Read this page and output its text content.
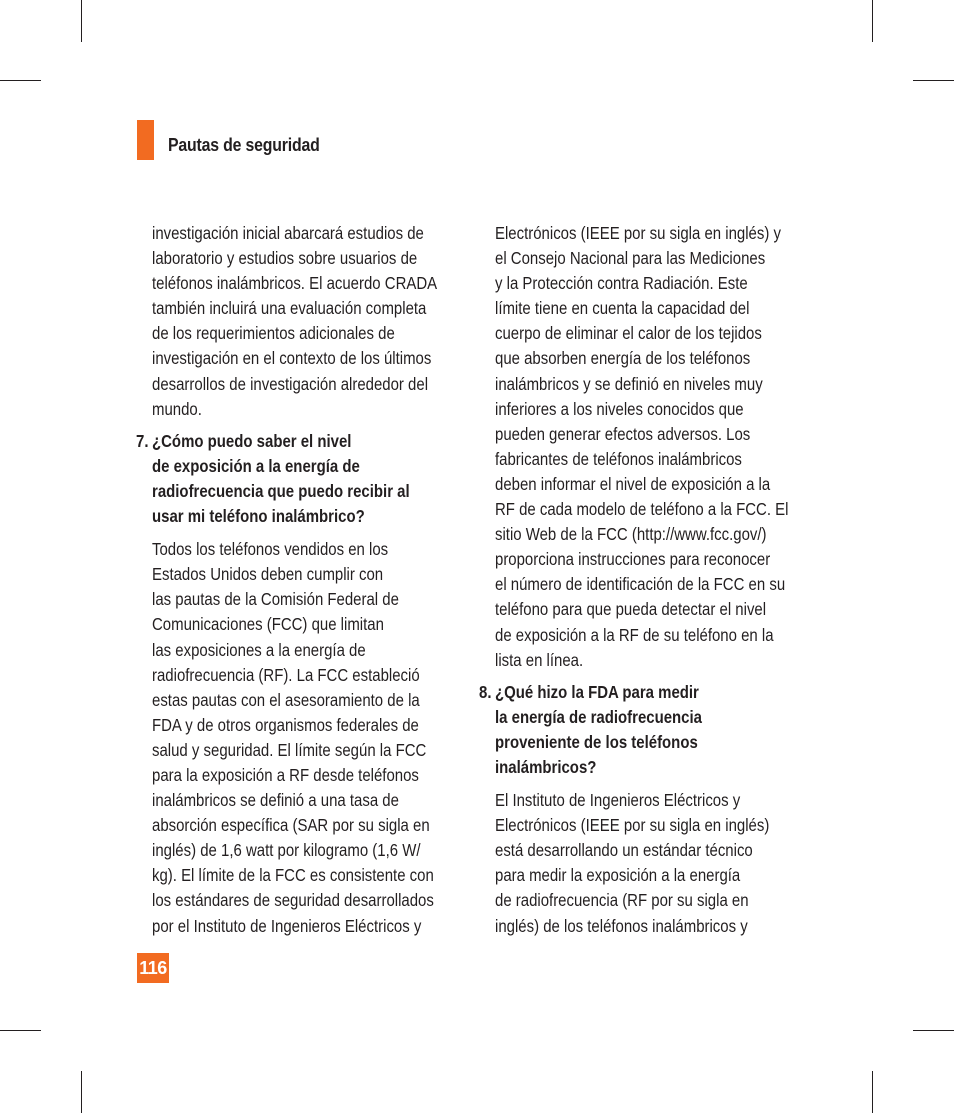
Pautas de seguridad
investigación inicial abarcará estudios de
laboratorio y estudios sobre usuarios de
teléfonos inalámbricos. El acuerdo CRADA
también incluirá una evaluación completa
de los requerimientos adicionales de
investigación en el contexto de los últimos
desarrollos de investigación alrededor del
mundo.
7. ¿Cómo puedo saber el nivel
de exposición a la energía de
radiofrecuencia que puedo recibir al
usar mi teléfono inalámbrico?
Todos los teléfonos vendidos en los
Estados Unidos deben cumplir con
las pautas de la Comisión Federal de
Comunicaciones (FCC) que limitan
las exposiciones a la energía de
radiofrecuencia (RF). La FCC estableció
estas pautas con el asesoramiento de la
FDA y de otros organismos federales de
salud y seguridad. El límite según la FCC
para la exposición a RF desde teléfonos
inalámbricos se definió a una tasa de
absorción específica (SAR por su sigla en
inglés) de 1,6 watt por kilogramo (1,6 W/
kg). El límite de la FCC es consistente con
los estándares de seguridad desarrollados
por el Instituto de Ingenieros Eléctricos y
Electrónicos (IEEE por su sigla en inglés) y
el Consejo Nacional para las Mediciones
y la Protección contra Radiación. Este
límite tiene en cuenta la capacidad del
cuerpo de eliminar el calor de los tejidos
que absorben energía de los teléfonos
inalámbricos y se definió en niveles muy
inferiores a los niveles conocidos que
pueden generar efectos adversos. Los
fabricantes de teléfonos inalámbricos
deben informar el nivel de exposición a la
RF de cada modelo de teléfono a la FCC. El
sitio Web de la FCC (http://www.fcc.gov/)
proporciona instrucciones para reconocer
el número de identificación de la FCC en su
teléfono para que pueda detectar el nivel
de exposición a la RF de su teléfono en la
lista en línea.
8. ¿Qué hizo la FDA para medir
la energía de radiofrecuencia
proveniente de los teléfonos
inalámbricos?
El Instituto de Ingenieros Eléctricos y
Electrónicos (IEEE por su sigla en inglés)
está desarrollando un estándar técnico
para medir la exposición a la energía
de radiofrecuencia (RF por su sigla en
inglés) de los teléfonos inalámbricos y
116
